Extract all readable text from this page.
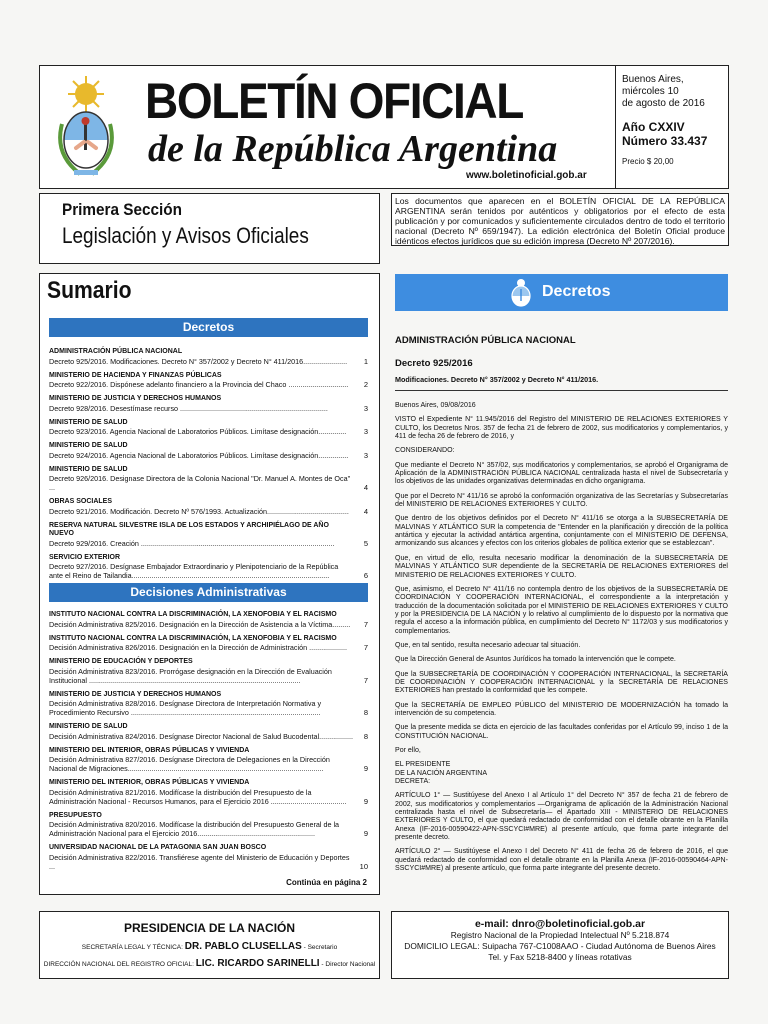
BOLETÍN OFICIAL
de la República Argentina
www.boletinoficial.gob.ar
Buenos Aires,
miércoles 10
de agosto de 2016
Año CXXIV
Número 33.437
Precio $ 20,00
Primera Sección
Legislación y Avisos Oficiales
Los documentos que aparecen en el BOLETÍN OFICIAL DE LA REPÚBLICA ARGENTINA serán tenidos por auténticos y obligatorios por el efecto de esta publicación y por comunicados y suficientemente circulados dentro de todo el territorio nacional (Decreto Nº 659/1947). La edición electrónica del Boletín Oficial produce idénticos efectos jurídicos que su edición impresa (Decreto Nº 207/2016).
Sumario
Decretos
ADMINISTRACIÓN PÚBLICA NACIONAL
Decreto 925/2016. Modificaciones. Decreto N° 357/2002 y Decreto N° 411/2016......................	1
MINISTERIO DE HACIENDA Y FINANZAS PÚBLICAS
Decreto 922/2016. Dispónese adelanto financiero a la Provincia del Chaco ..............................	2
MINISTERIO DE JUSTICIA Y DERECHOS HUMANOS
Decreto 928/2016. Desestímase recurso ..........................................................................	3
MINISTERIO DE SALUD
Decreto 923/2016. Agencia Nacional de Laboratorios Públicos. Limítase designación..............	3
MINISTERIO DE SALUD
Decreto 924/2016. Agencia Nacional de Laboratorios Públicos. Limítase designación...............	3
MINISTERIO DE SALUD
Decreto 926/2016. Designase Directora de la Colonia Nacional "Dr. Manuel A. Montes de Oca" ...	4
OBRAS SOCIALES
Decreto 921/2016. Modificación. Decreto Nº 576/1993. Actualización.........................................	4
RESERVA NATURAL SILVESTRE ISLA DE LOS ESTADOS Y ARCHIPIÉLAGO DE AÑO NUEVO
Decreto 929/2016. Creación .................................................................................................	5
SERVICIO EXTERIOR
Decreto 927/2016. Desígnase Embajador Extraordinario y Plenipotenciario de la República ante el Reino de Tailandia...................................................................................................	6
Decisiones Administrativas
INSTITUTO NACIONAL CONTRA LA DISCRIMINACIÓN, LA XENOFOBIA Y EL RACISMO
Decisión Administrativa 825/2016. Designación en la Dirección de Asistencia a la Víctima.........	7
INSTITUTO NACIONAL CONTRA LA DISCRIMINACIÓN, LA XENOFOBIA Y EL RACISMO
Decisión Administrativa 826/2016. Designación en la Dirección de Administración ...................	7
MINISTERIO DE EDUCACIÓN Y DEPORTES
Decisión Administrativa 823/2016. Prorrógase designación en la Dirección de Evaluación Institucional ..........................................................................................................	7
MINISTERIO DE JUSTICIA Y DERECHOS HUMANOS
Decisión Administrativa 828/2016. Desígnase Directora de Interpretación Normativa y Procedimiento Recursivo ...............................................................................................	8
MINISTERIO DE SALUD
Decisión Administrativa 824/2016. Desígnase Director Nacional de Salud Bucodental................. 8
MINISTERIO DEL INTERIOR, OBRAS PÚBLICAS Y VIVIENDA
Decisión Administrativa 827/2016. Desígnase Directora de Delegaciones en la Dirección Nacional de Migraciones..................................................................................................	9
MINISTERIO DEL INTERIOR, OBRAS PÚBLICAS Y VIVIENDA
Decisión Administrativa 821/2016. Modifícase la distribución del Presupuesto de la Administración Nacional - Recursos Humanos, para el Ejercicio 2016 ......................................	9
PRESUPUESTO
Decisión Administrativa 820/2016. Modifícase la distribución del Presupuesto General de la Administración Nacional para el Ejercicio 2016...........................................................	9
UNIVERSIDAD NACIONAL DE LA PATAGONIA SAN JUAN BOSCO
Decisión Administrativa 822/2016. Transfiérese agente del Ministerio de Educación y Deportes ...	10
Continúa en página 2
Decretos
ADMINISTRACIÓN PÚBLICA NACIONAL
Decreto 925/2016
Modificaciones. Decreto N° 357/2002 y Decreto N° 411/2016.

Buenos Aires, 09/08/2016

VISTO el Expediente N° 11.945/2016 del Registro del MINISTERIO DE RELACIONES EXTERIORES Y CULTO, los Decretos Nros. 357 de fecha 21 de febrero de 2002, sus modificatorios y complementarios, y 411 de fecha 26 de febrero de 2016, y

CONSIDERANDO:

Que mediante el Decreto N° 357/02, sus modificatorios y complementarios, se aprobó el Organigrama de Aplicación de la ADMINISTRACIÓN PÚBLICA NACIONAL centralizada hasta el nivel de Subsecretaría y los objetivos de las unidades organizativas determinadas en dicho organigrama.

Que por el Decreto N° 411/16 se aprobó la conformación organizativa de las Secretarías y Subsecretarías del MINISTERIO DE RELACIONES EXTERIORES Y CULTO.

Que dentro de los objetivos definidos por el Decreto N° 411/16 se otorga a la SUBSECRETARÍA DE MALVINAS Y ATLÁNTICO SUR la competencia de "Entender en la planificación y dirección de la política antártica y ejecutar la actividad antártica argentina, conjuntamente con el MINISTERIO DE DEFENSA, armonizando sus alcances y efectos con los criterios globales de política exterior que se establezcan".

Que, en virtud de ello, resulta necesario modificar la denominación de la SUBSECRETARÍA DE MALVINAS Y ATLÁNTICO SUR dependiente de la SECRETARÍA DE RELACIONES EXTERIORES del MINISTERIO DE RELACIONES EXTERIORES Y CULTO.

Que, asimismo, el Decreto N° 411/16 no contempla dentro de los objetivos de la SUBSECRETARÍA DE COORDINACIÓN Y COOPERACIÓN INTERNACIONAL, el correspondiente a la interpretación y traducción de la documentación solicitada por el MINISTERIO DE RELACIONES EXTERIORES Y CULTO y por la PRESIDENCIA DE LA NACIÓN y lo relativo al cumplimiento de lo dispuesto por la normativa que regula el acceso a la información pública, en cumplimiento del Decreto N° 1172/03 y sus modificatorios y complementarios.

Que, en tal sentido, resulta necesario adecuar tal situación.

Que la Dirección General de Asuntos Jurídicos ha tomado la intervención que le compete.

Que la SUBSECRETARÍA DE COORDINACIÓN Y COOPERACIÓN INTERNACIONAL, la SECRETARÍA DE COORDINACIÓN Y COOPERACIÓN INTERNACIONAL y la SECRETARÍA DE RELACIONES EXTERIORES han prestado la conformidad que les compete.

Que la SECRETARÍA DE EMPLEO PÚBLICO del MINISTERIO DE MODERNIZACIÓN ha tomado la intervención de su competencia.

Que la presente medida se dicta en ejercicio de las facultades conferidas por el Artículo 99, inciso 1 de la CONSTITUCIÓN NACIONAL.

Por ello,

EL PRESIDENTE

DE LA NACIÓN ARGENTINA

DECRETA:

ARTÍCULO 1° — Sustitúyese del Anexo I al Artículo 1° del Decreto N° 357 de fecha 21 de febrero de 2002, sus modificatorios y complementarios —Organigrama de aplicación de la Administración Nacional centralizada hasta el nivel de Subsecretaría— el Apartado XIII - MINISTERIO DE RELACIONES EXTERIORES Y CULTO, el que quedará redactado de conformidad con el detalle obrante en la Planilla Anexa (IF-2016-00590422-APN-SSCYCI#MRE) al presente artículo, que forma parte integrante del presente decreto.

ARTÍCULO 2° — Sustitúyese el Anexo I del Decreto N° 411 de fecha 26 de febrero de 2016, el que quedará redactado de conformidad con el detalle obrante en la Planilla Anexa (IF-2016-00590464-APN-SSCYCI#MRE) al presente artículo, que forma parte integrante del presente decreto.

PRESIDENCIA DE LA NACIÓN
SECRETARÍA LEGAL Y TÉCNICA: DR. PABLO CLUSELLAS - Secretario
DIRECCIÓN NACIONAL DEL REGISTRO OFICIAL: LIC. RICARDO SARINELLI - Director Nacional
e-mail: dnro@boletinoficial.gob.ar
Registro Nacional de la Propiedad Intelectual Nº 5.218.874
DOMICILIO LEGAL: Suipacha 767-C1008AAO - Ciudad Autónoma de Buenos Aires
Tel. y Fax 5218-8400 y líneas rotativas
